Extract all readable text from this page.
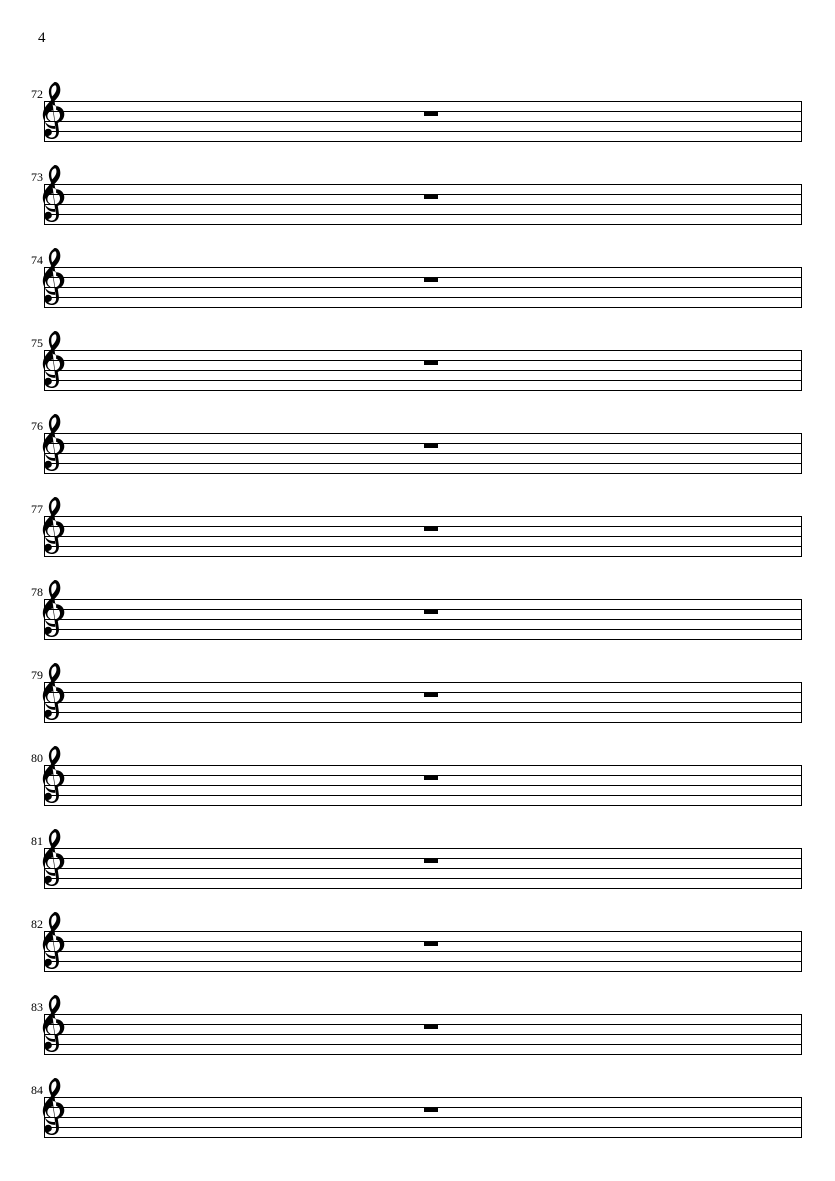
4
72
73
74
75
76
77
78
79
80
81
82
83
84
